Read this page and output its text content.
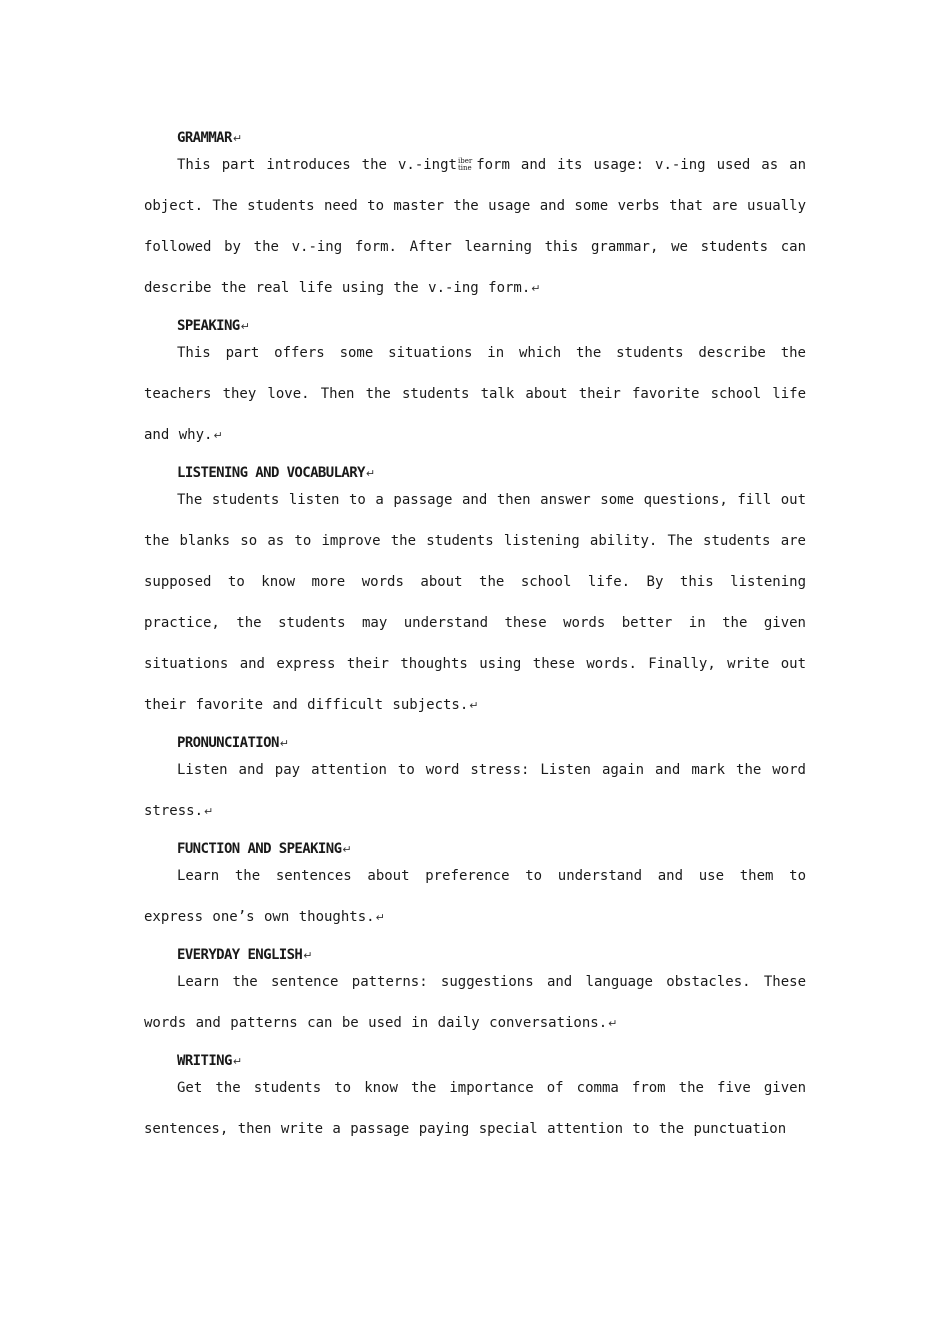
GRAMMAR↵

This part introduces the v.-ingt iber
tine form and its usage: v.-ing used as an object. The students need to master the usage and some verbs that are usually followed by the v.-ing form. After learning this grammar, we students can describe the real life using the v.-ing form.↵

SPEAKING↵

This part offers some situations in which the students describe the teachers they love. Then the students talk about their favorite school life and why.↵

LISTENING AND VOCABULARY↵

The students listen to a passage and then answer some questions, fill out the blanks so as to improve the students listening ability. The students are supposed to know more words about the school life. By this listening practice, the students may understand these words better in the given situations and express their thoughts using these words. Finally, write out their favorite and difficult subjects.↵

PRONUNCIATION↵

Listen and pay attention to word stress: Listen again and mark the word stress.↵

FUNCTION AND SPEAKING↵

Learn the sentences about preference to understand and use them to express one’s own thoughts.↵

EVERYDAY ENGLISH↵

Learn the sentence patterns: suggestions and language obstacles. These words and patterns can be used in daily conversations.↵

WRITING↵

Get the students to know the importance of comma from the five given sentences, then write a passage paying special attention to the punctuation
